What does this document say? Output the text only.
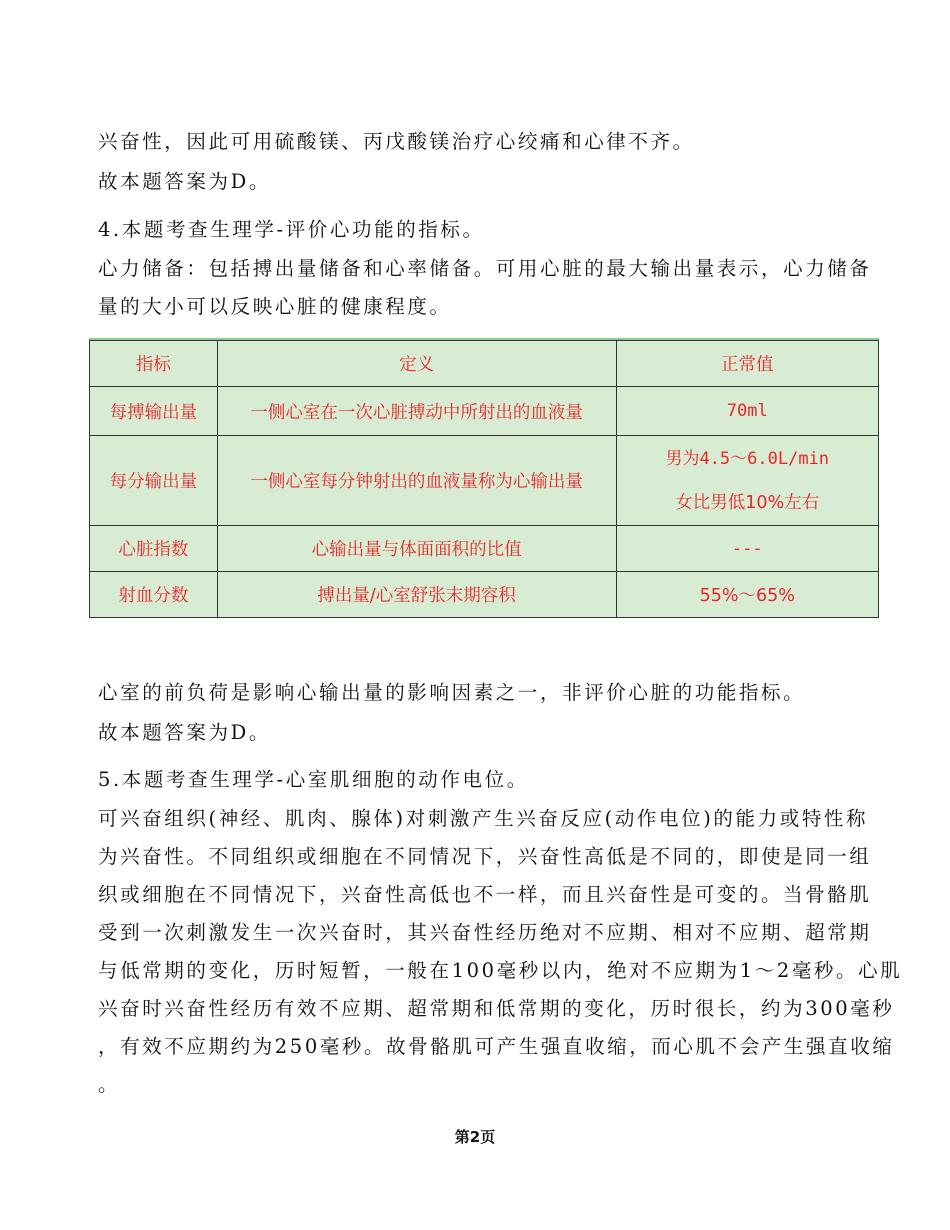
兴奋性，因此可用硫酸镁、丙戊酸镁治疗心绞痛和心律不齐。
故本题答案为D。
4.本题考查生理学-评价心功能的指标。
心力储备：包括搏出量储备和心率储备。可用心脏的最大输出量表示，心力储备
量的大小可以反映心脏的健康程度。
指标	定义	正常值
每搏输出量	一侧心室在一次心脏搏动中所射出的血液量	70ml
每分输出量	一侧心室每分钟射出的血液量称为心输出量	男为4.5～6.0L/min
女比男低10%左右

心脏指数	心输出量与体面面积的比值	---
射血分数	搏出量/心室舒张末期容积	55%～65%
心室的前负荷是影响心输出量的影响因素之一，非评价心脏的功能指标。
故本题答案为D。
5.本题考查生理学-心室肌细胞的动作电位。
可兴奋组织(神经、肌肉、腺体)对刺激产生兴奋反应(动作电位)的能力或特性称
为兴奋性。不同组织或细胞在不同情况下，兴奋性高低是不同的，即使是同一组
织或细胞在不同情况下，兴奋性高低也不一样，而且兴奋性是可变的。当骨骼肌
受到一次刺激发生一次兴奋时，其兴奋性经历绝对不应期、相对不应期、超常期
与低常期的变化，历时短暂，一般在100毫秒以内，绝对不应期为1～2毫秒。心肌
兴奋时兴奋性经历有效不应期、超常期和低常期的变化，历时很长，约为300毫秒
，有效不应期约为250毫秒。故骨骼肌可产生强直收缩，而心肌不会产生强直收缩
。
第2页
